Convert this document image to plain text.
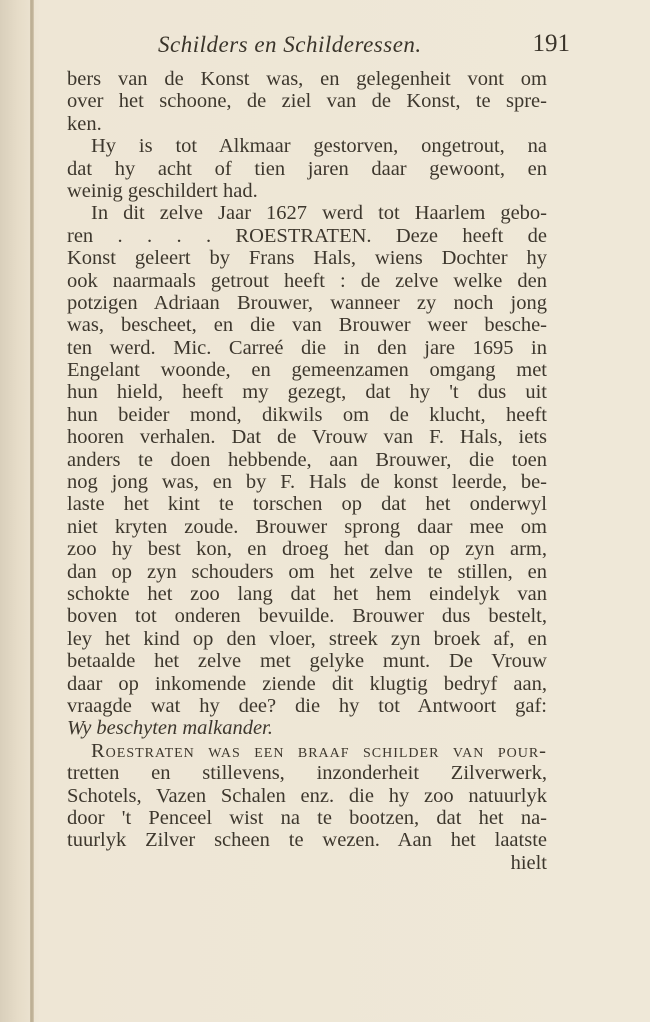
Schilders en Schilderessen.	191
bers van de Konst was, en gelegenheit vont om
over het schoone, de ziel van de Konst, te spre-
ken.
Hy is tot Alkmaar gestorven, ongetrout, na
dat hy acht of tien jaren daar gewoont, en
weinig geschildert had.
In dit zelve Jaar 1627 werd tot Haarlem gebo-
ren . . . . ROESTRATEN. Deze heeft de
Konst geleert by Frans Hals, wiens Dochter hy
ook naarmaals getrout heeft : de zelve welke den
potzigen Adriaan Brouwer, wanneer zy noch jong
was, bescheet, en die van Brouwer weer besche-
ten werd. Mic. Carreé die in den jare 1695 in
Engelant woonde, en gemeenzamen omgang met
hun hield, heeft my gezegt, dat hy 't dus uit
hun beider mond, dikwils om de klucht, heeft
hooren verhalen. Dat de Vrouw van F. Hals, iets
anders te doen hebbende, aan Brouwer, die toen
nog jong was, en by F. Hals de konst leerde, be-
laste het kint te torschen op dat het onderwyl
niet kryten zoude. Brouwer sprong daar mee om
zoo hy best kon, en droeg het dan op zyn arm,
dan op zyn schouders om het zelve te stillen, en
schokte het zoo lang dat het hem eindelyk van
boven tot onderen bevuilde. Brouwer dus bestelt,
ley het kind op den vloer, streek zyn broek af, en
betaalde het zelve met gelyke munt. De Vrouw
daar op inkomende ziende dit klugtig bedryf aan,
vraagde wat hy dee? die hy tot Antwoort gaf:
Wy beschyten malkander.
Roestraten was een braaf schilder van pour-
tretten en stillevens, inzonderheit Zilverwerk,
Schotels, Vazen Schalen enz. die hy zoo natuurlyk
door 't Penceel wist na te bootzen, dat het na-
tuurlyk Zilver scheen te wezen. Aan het laatste
hielt
